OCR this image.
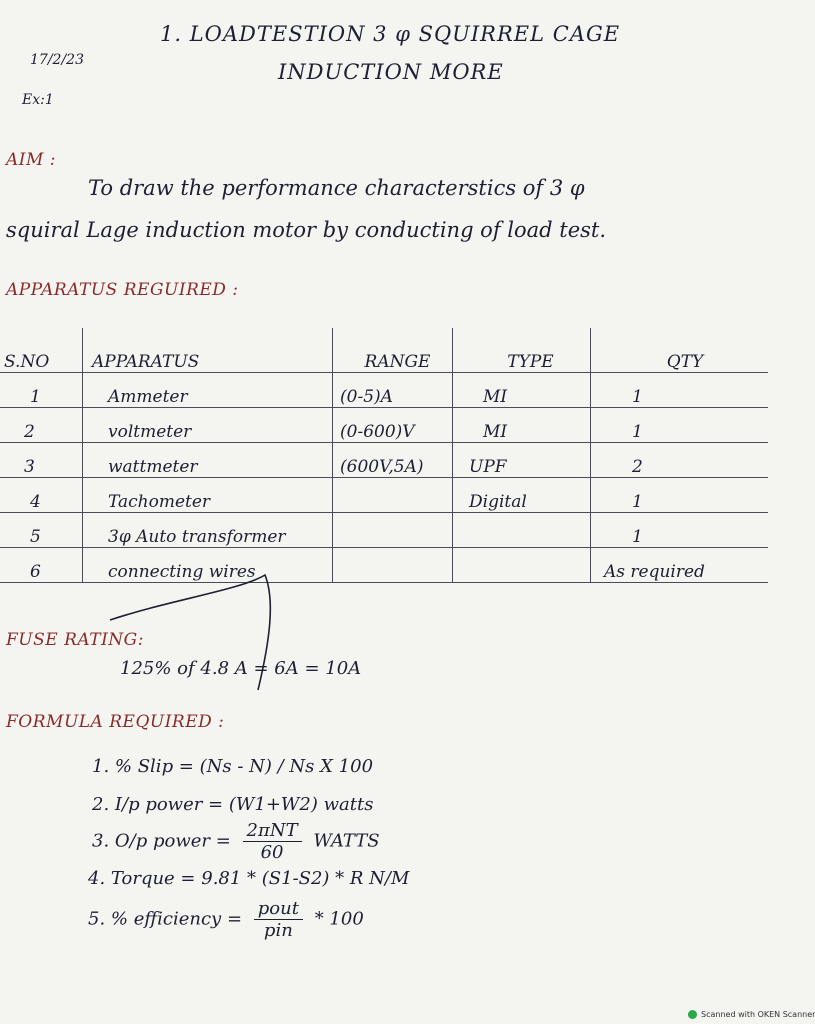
17/2/23
Ex:1
1. LOADTESTION 3 φ SQUIRREL CAGE
INDUCTION MORE
AIM :
To draw the performance characterstics of 3 φ
squiral Lage induction motor by conducting of load test.
APPARATUS REGUIRED :
S.NO	APPARATUS	RANGE	TYPE	QTY
1	Ammeter	(0-5)A	MI	1
2	voltmeter	(0-600)V	MI	1
3	wattmeter	(600V,5A)	UPF	2
4	Tachometer		Digital	1
5	3φ Auto transformer			1
6	connecting wires			As required
FUSE RATING:
125% of 4.8 A = 6A = 10A
FORMULA REQUIRED :
1. % Slip = (Ns - N) / Ns X 100
2. I/p power = (W1+W2) watts
3. O/p power = $\frac{\text{2πNT}}{60}$ WATTS
4. Torque = 9.81 * (S1-S2) * R N/M
5. % efficiency = $\frac{\text{pout}}{\text{pin}} * 100$
Scanned with OKEN Scanner
